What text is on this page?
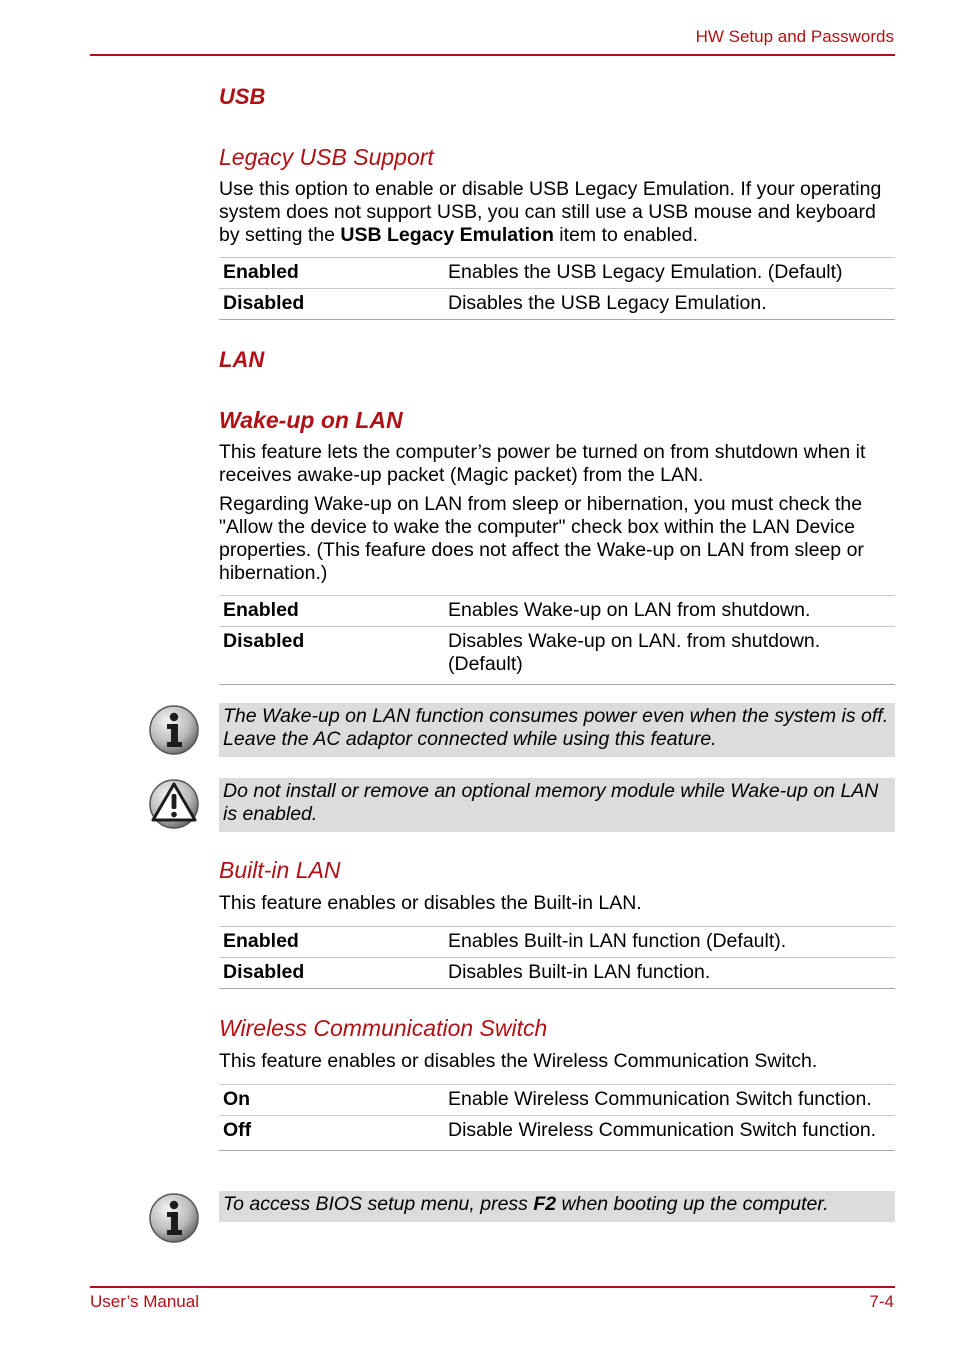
HW Setup and Passwords
USB
Legacy USB Support
Use this option to enable or disable USB Legacy Emulation. If your operating system does not support USB, you can still use a USB mouse and keyboard by setting the USB Legacy Emulation item to enabled.
Enabled	Enables the USB Legacy Emulation. (Default)
Disabled	Disables the USB Legacy Emulation.
LAN
Wake-up on LAN
This feature lets the computer’s power be turned on from shutdown when it receives awake-up packet (Magic packet) from the LAN.
Regarding Wake-up on LAN from sleep or hibernation, you must check the "Allow the device to wake the computer" check box within the LAN Device properties. (This feafure does not affect the Wake-up on LAN from sleep or hibernation.)
Enabled	Enables Wake-up on LAN from shutdown.
Disabled	Disables Wake-up on LAN. from shutdown. (Default)
The Wake-up on LAN function consumes power even when the system is off. Leave the AC adaptor connected while using this feature.
Do not install or remove an optional memory module while Wake-up on LAN is enabled.
Built-in LAN
This feature enables or disables the Built-in LAN.
Enabled	Enables Built-in LAN function (Default).
Disabled	Disables Built-in LAN function.
Wireless Communication Switch
This feature enables or disables the Wireless Communication Switch.
On	Enable Wireless Communication Switch function.
Off	Disable Wireless Communication Switch function.
To access BIOS setup menu, press F2 when booting up the computer.
User’s Manual	7-4
